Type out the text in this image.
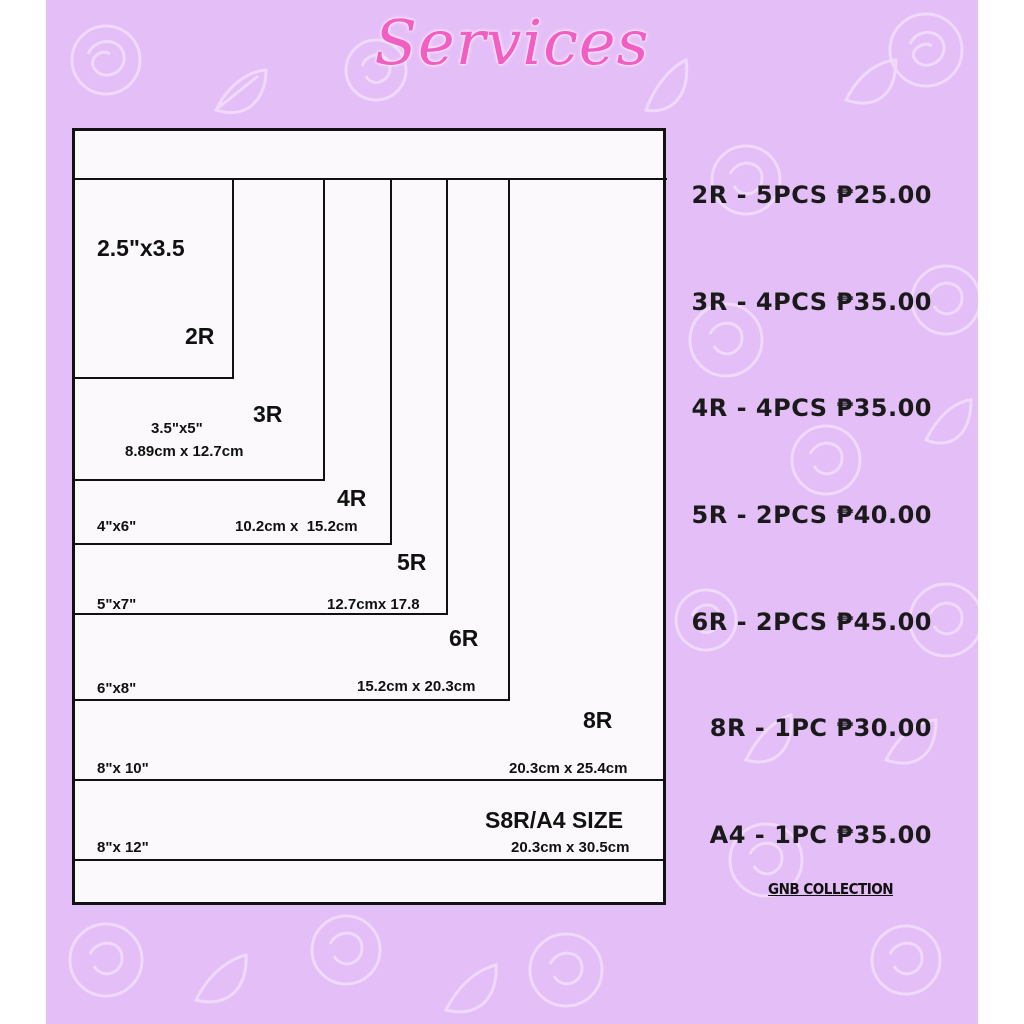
Services
2.5"x3.5
2R
3R
3.5"x5"
8.89cm x 12.7cm
4R
4"x6"	10.2cm x  15.2cm
5R
5"x7"	12.7cmx 17.8
6R
6"x8"	15.2cm x 20.3cm
8R
8"x 10"	20.3cm x 25.4cm
S8R/A4 SIZE
8"x 12"	20.3cm x 30.5cm
2R - 5PCS ₱25.00
3R - 4PCS ₱35.00
4R - 4PCS ₱35.00
5R - 2PCS ₱40.00
6R - 2PCS ₱45.00
8R - 1PC ₱30.00
A4 - 1PC ₱35.00
GNB COLLECTION
